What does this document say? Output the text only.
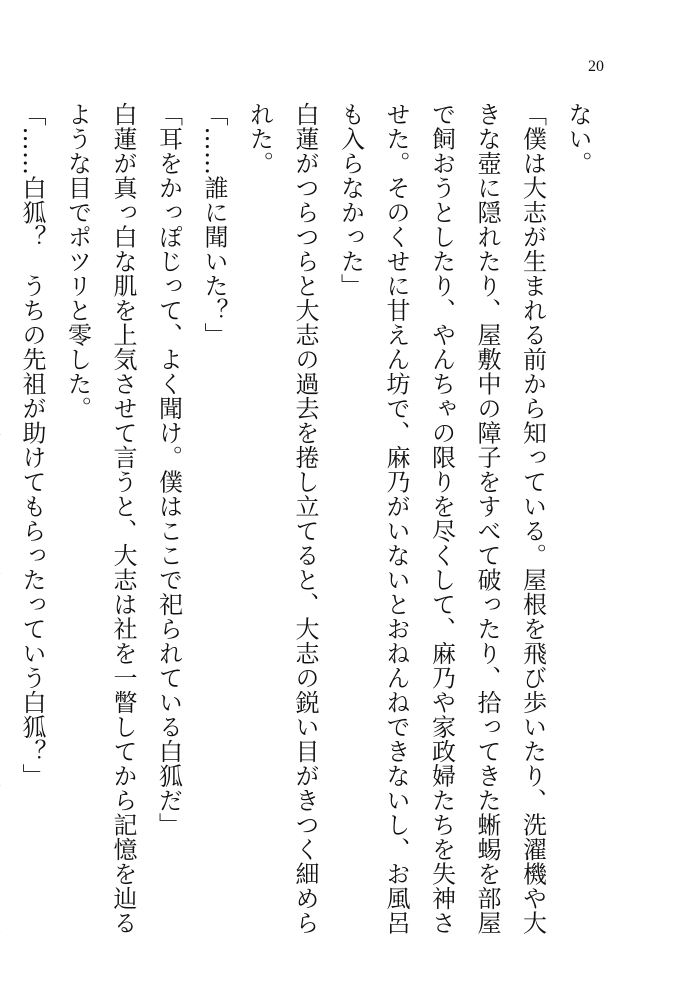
20

ない。

「僕は大志が生まれる前から知っている。屋根を飛び歩いたり、洗濯機や大きな壺に隠れたり、屋敷中の障子をすべて破ったり、拾ってきた蜥蜴を部屋で飼おうとしたり、やんちゃの限りを尽くして、麻乃や家政婦たちを失神させた。そのくせに甘えん坊で、麻乃がいないとおねんねできないし、お風呂も入らなかった」

白蓮がつらつらと大志の過去を捲し立てると、大志の鋭い目がきつく細められた。

「……誰に聞いた？」

「耳をかっぽじって、よく聞け。僕はここで祀られている白狐だ」

白蓮が真っ白な肌を上気させて言うと、大志は社を一瞥してから記憶を辿るような目でポツリと零した。

「……白狐？　うちの先祖が助けてもらったっていう白狐？」
